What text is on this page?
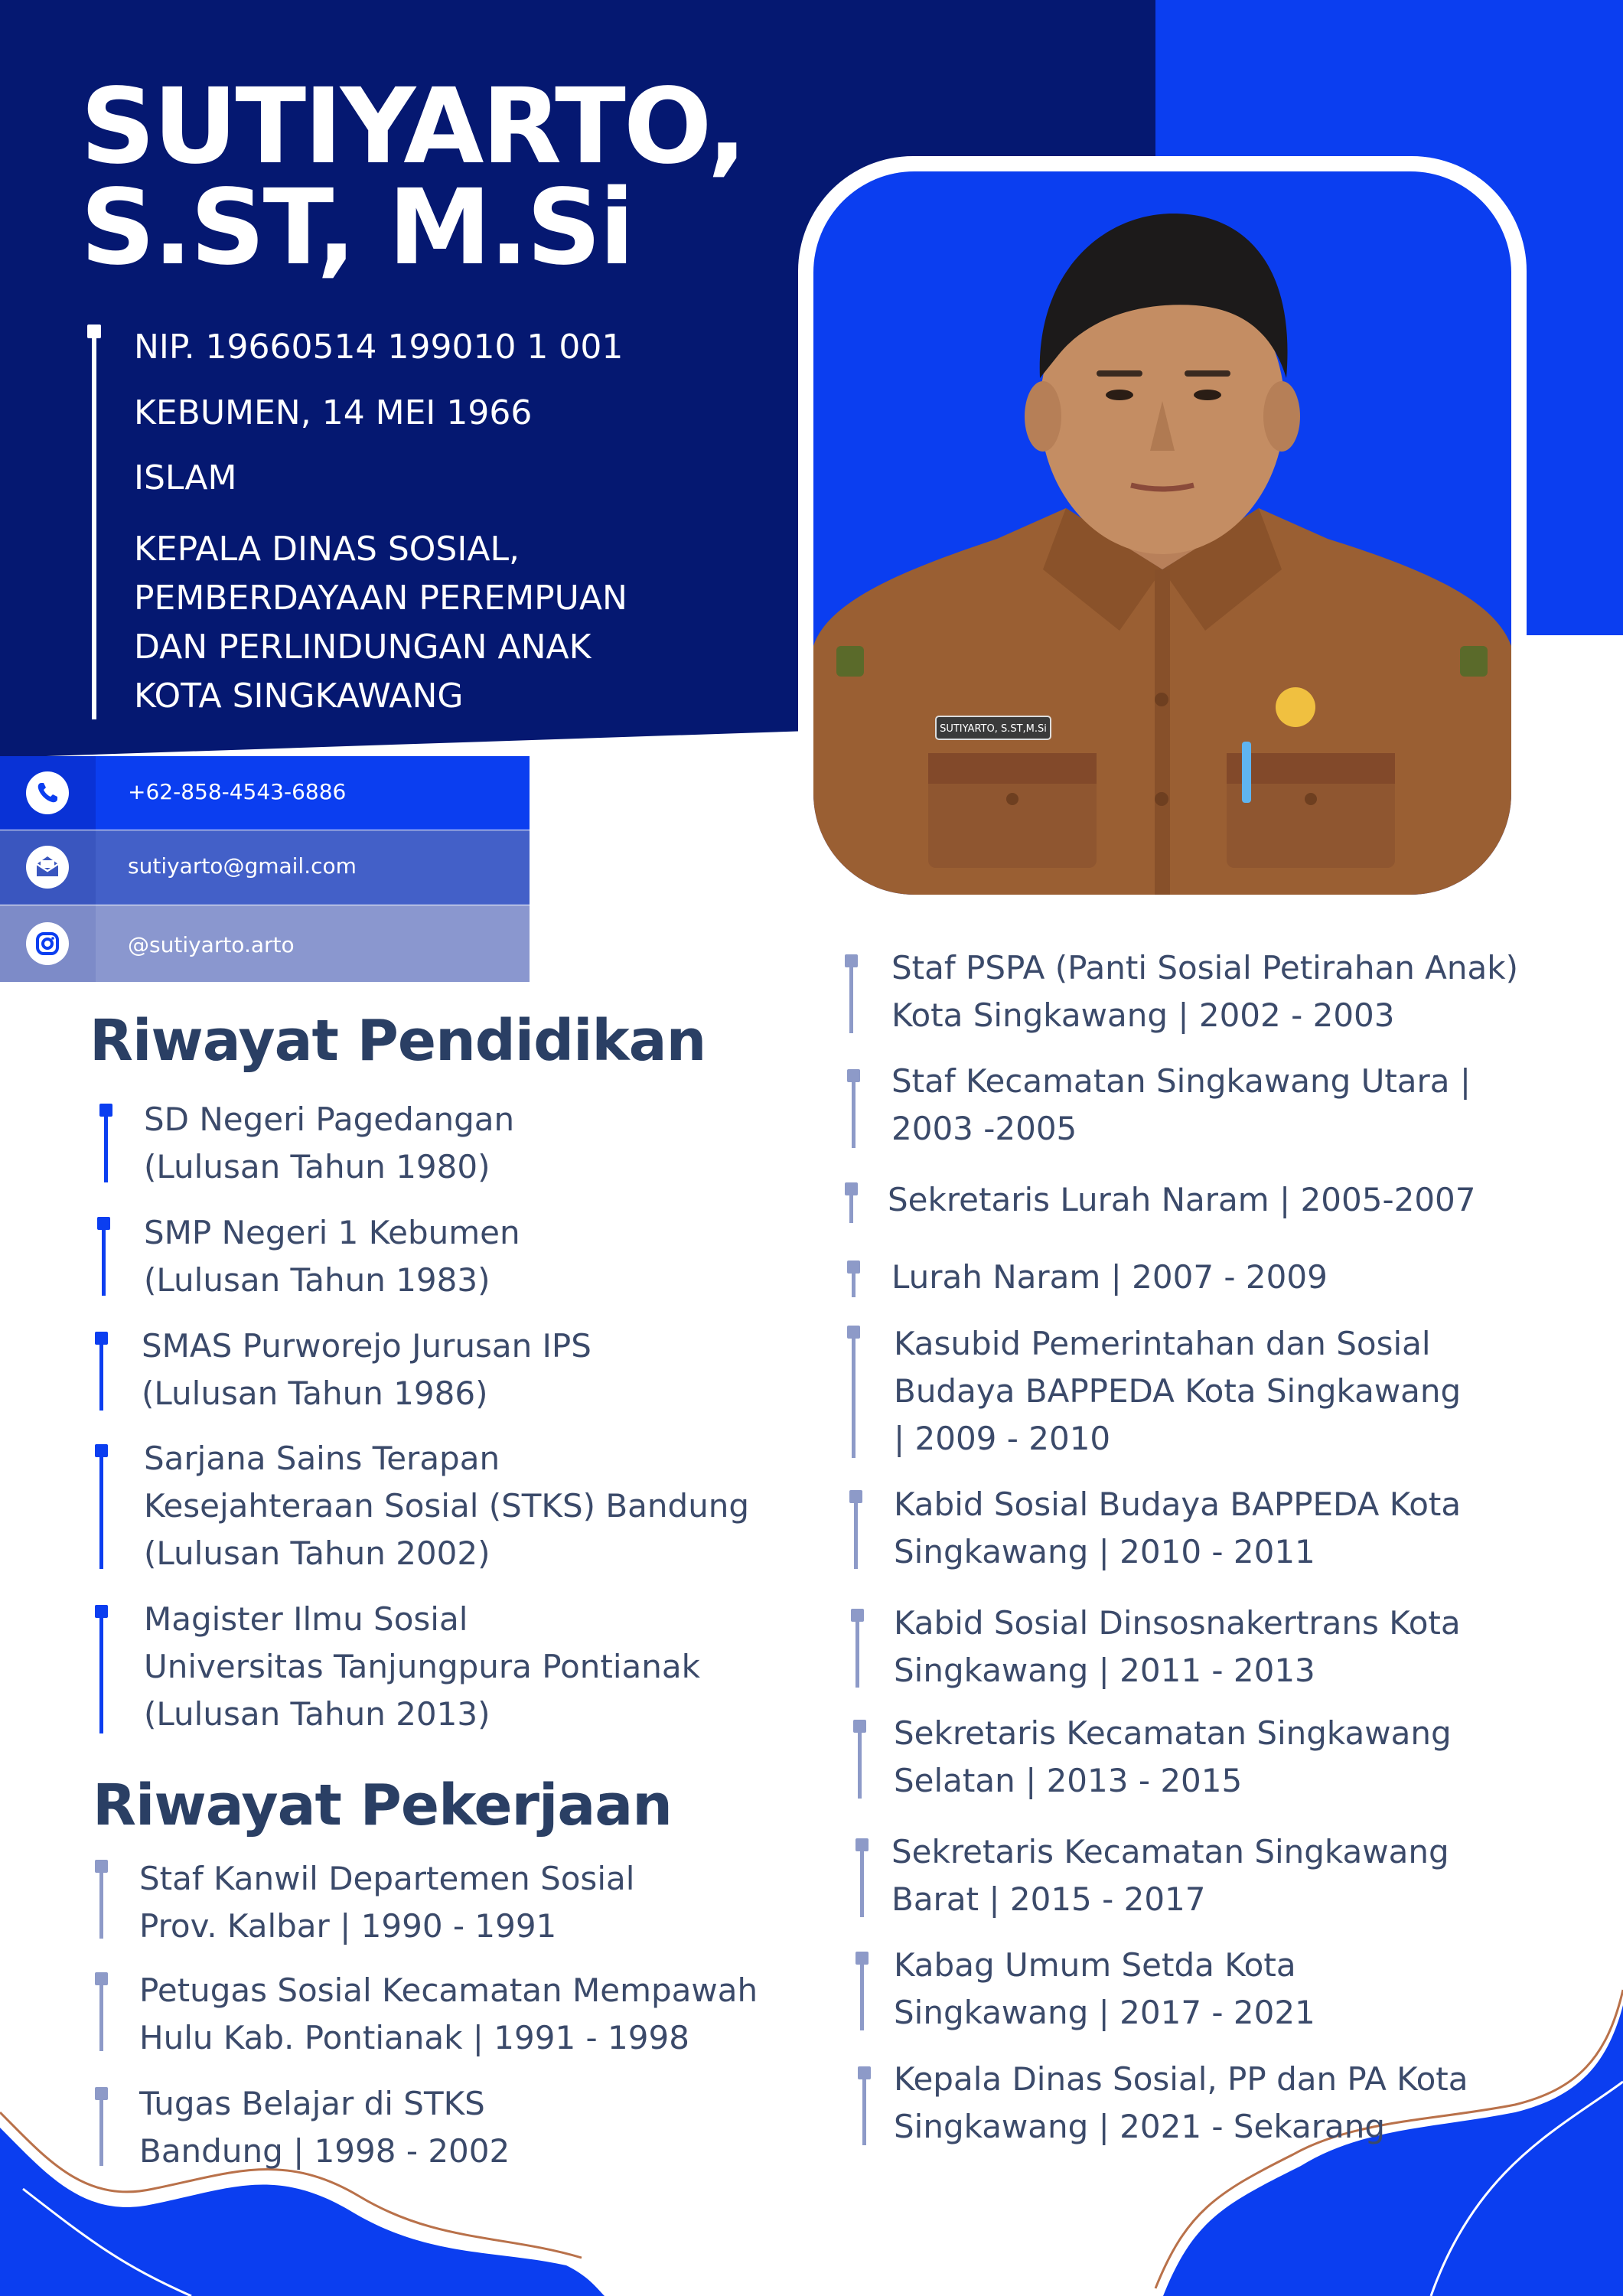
SUTIYARTO,
S.ST, M.Si
NIP. 19660514 199010 1 001
KEBUMEN, 14 MEI 1966
ISLAM
KEPALA DINAS SOSIAL,
PEMBERDAYAAN PEREMPUAN
DAN PERLINDUNGAN ANAK
KOTA SINGKAWANG
+62-858-4543-6886
sutiyarto@gmail.com
@sutiyarto.arto
SUTIYARTO, S.ST,M.Si
Riwayat Pendidikan
SD Negeri Pagedangan
(Lulusan Tahun 1980)
SMP Negeri 1 Kebumen
(Lulusan Tahun 1983)
SMAS Purworejo Jurusan IPS
(Lulusan Tahun 1986)
Sarjana Sains Terapan
Kesejahteraan Sosial (STKS) Bandung
(Lulusan Tahun 2002)
Magister Ilmu Sosial
Universitas Tanjungpura Pontianak
(Lulusan Tahun 2013)
Riwayat Pekerjaan
Staf Kanwil Departemen Sosial
Prov. Kalbar | 1990 - 1991
Petugas Sosial Kecamatan Mempawah
Hulu Kab. Pontianak | 1991 - 1998
Tugas Belajar di STKS
Bandung | 1998 - 2002
Staf PSPA (Panti Sosial Petirahan Anak)
Kota Singkawang | 2002 - 2003
Staf Kecamatan Singkawang Utara |
2003 -2005
Sekretaris Lurah Naram | 2005-2007
Lurah Naram | 2007 - 2009
Kasubid Pemerintahan dan Sosial
Budaya BAPPEDA Kota Singkawang
| 2009 - 2010
Kabid Sosial Budaya BAPPEDA Kota
Singkawang | 2010 - 2011
Kabid Sosial Dinsosnakertrans Kota
Singkawang | 2011 - 2013
Sekretaris Kecamatan Singkawang
Selatan | 2013 - 2015
Sekretaris Kecamatan Singkawang
Barat | 2015 - 2017
Kabag Umum Setda Kota
Singkawang | 2017 - 2021
Kepala Dinas Sosial, PP dan PA Kota
Singkawang | 2021 - Sekarang
